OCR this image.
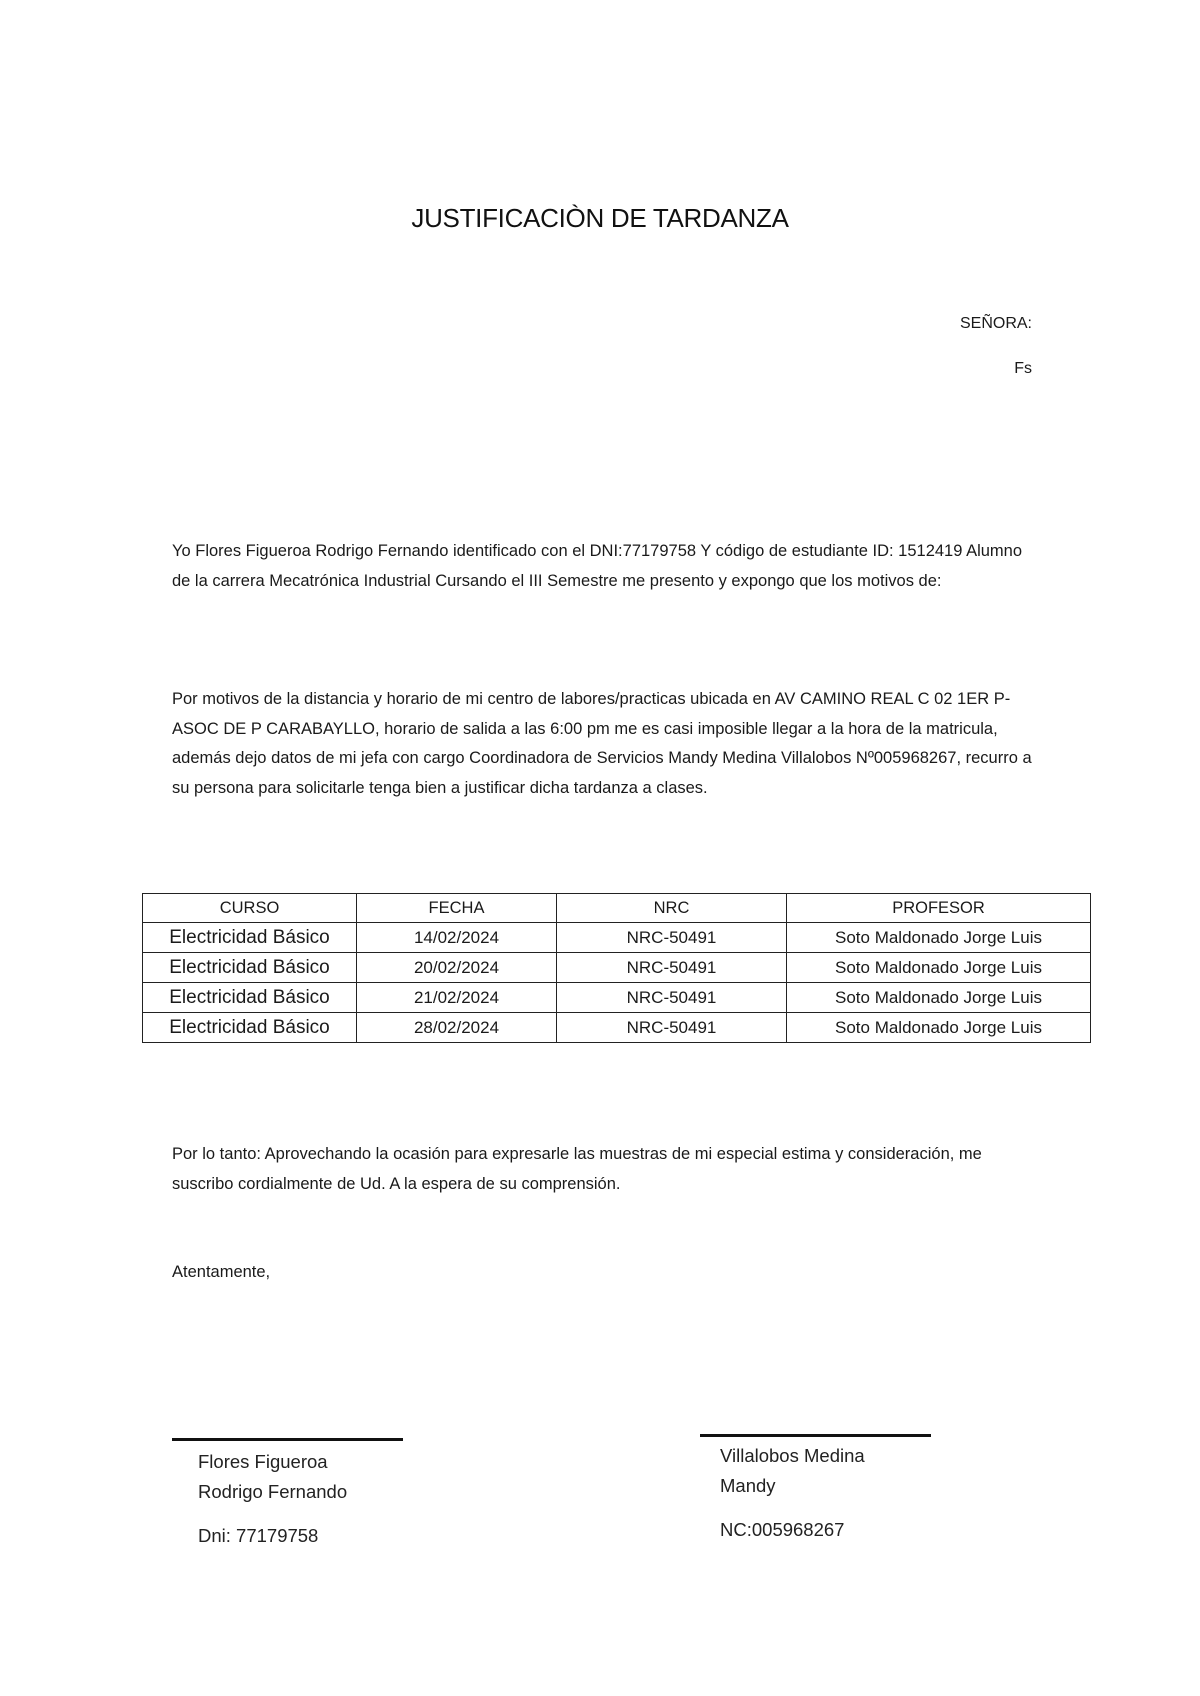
JUSTIFICACIÒN DE TARDANZA
SEÑORA:
Fs
Yo Flores Figueroa Rodrigo Fernando identificado con el DNI:77179758 Y código de estudiante ID: 1512419 Alumno de la carrera Mecatrónica Industrial Cursando el III Semestre me presento y expongo que los motivos de:
Por motivos de la distancia y horario de mi centro de labores/practicas ubicada en AV CAMINO REAL C 02 1ER P-ASOC DE P CARABAYLLO, horario de salida a las 6:00 pm me es casi imposible llegar a la hora de la matricula, además dejo datos de mi jefa con cargo Coordinadora de Servicios Mandy Medina Villalobos Nº005968267, recurro a su persona para solicitarle tenga bien a justificar dicha tardanza a clases.
CURSO	FECHA	NRC	PROFESOR
Electricidad Básico	14/02/2024	NRC-50491	Soto Maldonado Jorge Luis
Electricidad Básico	20/02/2024	NRC-50491	Soto Maldonado Jorge Luis
Electricidad Básico	21/02/2024	NRC-50491	Soto Maldonado Jorge Luis
Electricidad Básico	28/02/2024	NRC-50491	Soto Maldonado Jorge Luis
Por lo tanto: Aprovechando la ocasión para expresarle las muestras de mi especial estima y consideración, me suscribo cordialmente de Ud. A la espera de su comprensión.
Atentamente,
Flores Figueroa
Rodrigo Fernando
Dni: 77179758
Villalobos Medina
Mandy
NC:005968267
